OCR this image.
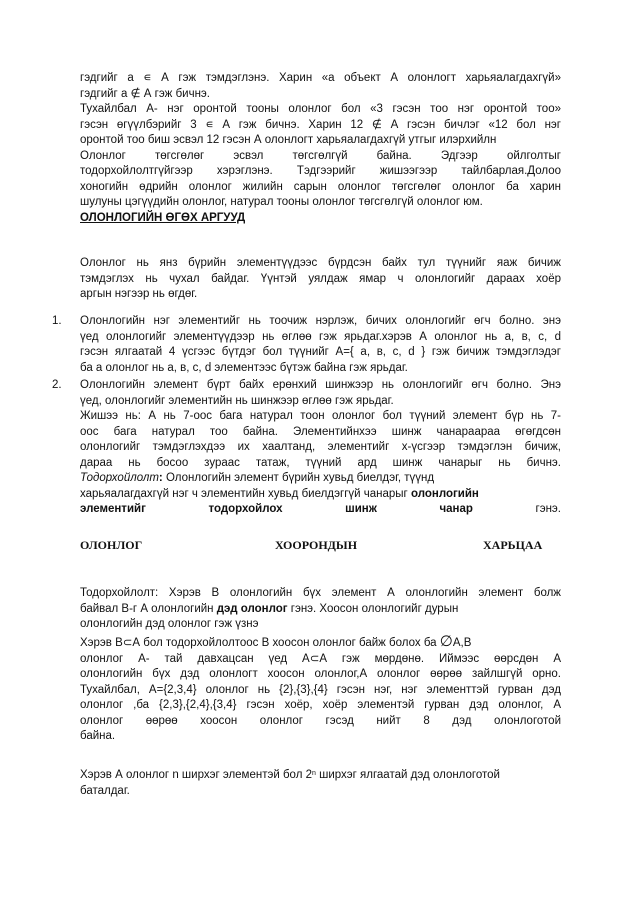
гэдгийг а ∊ А гэж тэмдэглэнэ. Харин «а объект А олонлогт харьяалагдахгүй»
гэдгийг а ∉ А гэж бичнэ.
Тухайлбал А- нэг оронтой тооны олонлог бол «3 гэсэн тоо нэг оронтой тоо»
гэсэн өгүүлбэрийг 3 ∊ А гэж бичнэ. Харин 12 ∉ А гэсэн бичлэг «12 бол нэг
оронтой тоо биш эсвэл 12 гэсэн А олонлогт харьяалагдахгүй утгыг илэрхийлн
Олонлог төгсгөлөг эсвэл төгсгөлгүй байна. Эдгээр ойлголтыг
тодорхойлолтгүйгээр хэрэглэнэ. Тэдгээрийг жишээгээр тайлбарлая.Долоо
хоногийн өдрийн олонлог жилийн сарын олонлог төгсгөлөг олонлог ба харин
шулуны цэгүүдийн олонлог, натурал тооны олонлог төгсгөлгүй олонлог юм.
ОЛОНЛОГИЙН ӨГӨХ АРГУУД
Олонлог нь янз бүрийн элементүүдээс бүрдсэн байх тул түүнийг яаж бичиж
тэмдэглэх нь чухал байдаг. Үүнтэй уялдаж ямар ч олонлогийг дараах хоёр
аргын нэгээр нь өгдөг.
1. Олонлогийн нэг элементийг нь тоочиж нэрлэж, бичих олонлогийг өгч болно. энэ
үед олонлогийг элементүүдээр нь өглөө гэж ярьдаг.хэрэв А олонлог нь a, в, c, d
гэсэн ялгаатай 4 үсгээс бүтдэг бол түүнийг А={ a, в, c, d } гэж бичиж тэмдэглэдэг
ба а олонлог нь a, в, c, d элементээс бүтэж байна гэж ярьдаг.
2. Олонлогийн элемент бүрт байх ерөнхий шинжээр нь олонлогийг өгч болно. Энэ
үед, олонлогийг элементийн нь шинжээр өглөө гэж ярьдаг.
Жишээ нь: А нь 7-оос бага натурал тоон олонлог бол түүний элемент бүр нь 7-
оос бага натурал тоо байна. Элементийнхээ шинж чанараараа өгөгдсөн
олонлогийг тэмдэглэхдээ их хаалтанд, элементийг x-үсгээр тэмдэглэн бичиж,
дараа нь босоо зураас татаж, түүний ард шинж чанарыг нь бичнэ.
Тодорхойлолт: Олонлогийн элемент бүрийн хувьд биелдэг, түүнд
харьяалагдахгүй нэг ч элементийн хувьд биелдэггүй чанарыг олонлогийн
элементийг	тодорхойлох	шинж	чанар	гэнэ.
ОЛОНЛОГ	ХООРОНДЫН	ХАРЬЦАА
Тодорхойлолт: Хэрэв В олонлогийн бүх элемент А олонлогийн элемент болж
байвал В-г А олонлогийн дэд олонлог гэнэ. Хоосон олонлогийг дурын
олонлогийн дэд олонлог гэж үзнэ
Хэрэв В⊂А бол тодорхойлолтоос В хоосон олонлог байж болох ба ∅А,В
олонлог А- тай давхацсан үед А⊂А гэж мөрдөнө. Иймээс өөрсдөн А
олонлогийн бүх дэд олонлогт хоосон олонлог,А олонлог өөрөө зайлшгүй орно.
Тухайлбал, А={2,3,4} олонлог нь {2},{3},{4} гэсэн нэг, нэг элементтэй гурван дэд
олонлог ,ба {2,3},{2,4},{3,4} гэсэн хоёр, хоёр элементэй гурван дэд олонлог, А
олонлог өөрөө хоосон олонлог гэсэд нийт 8 дэд олонлоготой
байна.
Хэрэв А олонлог n ширхэг элементэй бол 2$^n$ ширхэг ялгаатай дэд олонлоготой
баталдаг.
